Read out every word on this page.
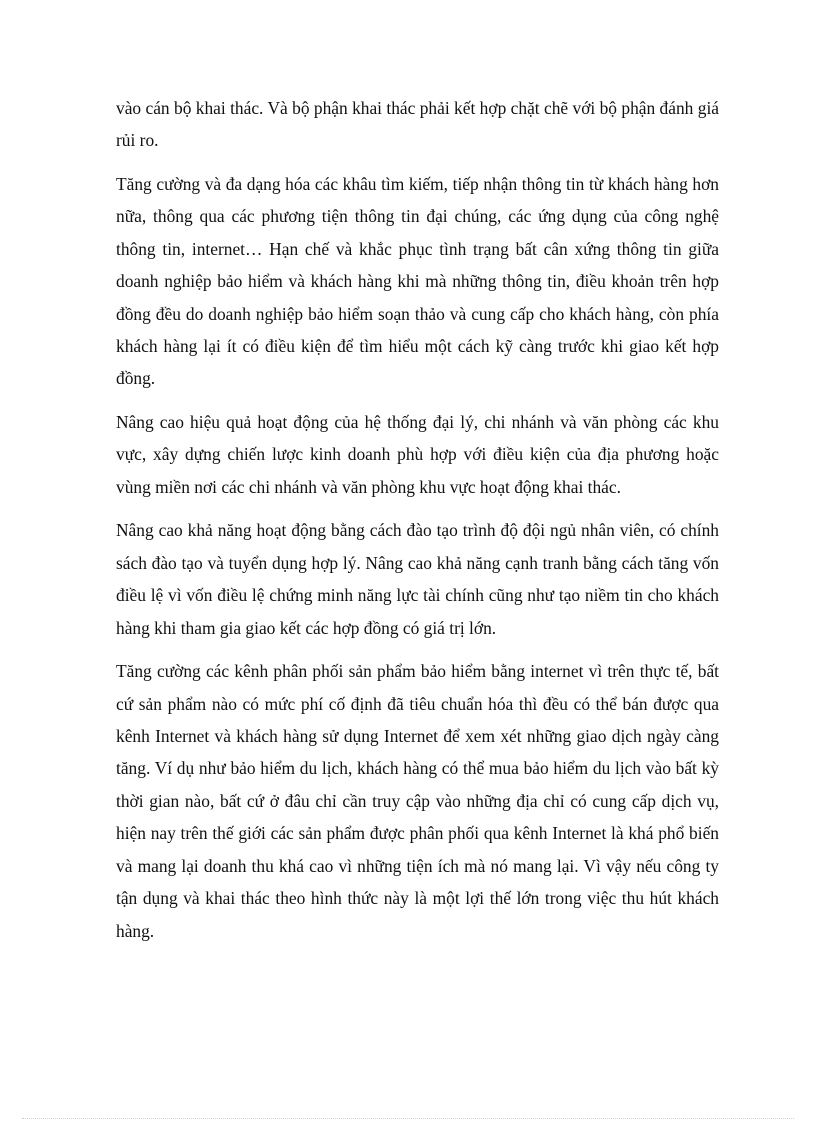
vào cán bộ khai thác. Và bộ phận khai thác phải kết hợp chặt chẽ với bộ phận đánh giá rủi ro.

Tăng cường và đa dạng hóa các khâu tìm kiếm, tiếp nhận thông tin từ khách hàng hơn nữa, thông qua các phương tiện thông tin đại chúng, các ứng dụng của công nghệ thông tin, internet… Hạn chế và khắc phục tình trạng bất cân xứng thông tin giữa doanh nghiệp bảo hiểm và khách hàng khi mà những thông tin, điều khoản trên hợp đồng đều do doanh nghiệp bảo hiểm soạn thảo và cung cấp cho khách hàng, còn phía khách hàng lại ít có điều kiện để tìm hiểu một cách kỹ càng trước khi giao kết hợp đồng.

Nâng cao hiệu quả hoạt động của hệ thống đại lý, chi nhánh và văn phòng các khu vực, xây dựng chiến lược kinh doanh phù hợp với điều kiện của địa phương hoặc vùng miền nơi các chi nhánh và văn phòng khu vực hoạt động khai thác.

Nâng cao khả năng hoạt động bằng cách đào tạo trình độ đội ngủ nhân viên, có chính sách đào tạo và tuyển dụng hợp lý. Nâng cao khả năng cạnh tranh bằng cách tăng vốn điều lệ vì vốn điều lệ chứng minh năng lực tài chính cũng như tạo niềm tin cho khách hàng khi tham gia giao kết các hợp đồng có giá trị lớn.

Tăng cường các kênh phân phối sản phẩm bảo hiểm bằng internet vì trên thực tế, bất cứ sản phẩm nào có mức phí cố định đã tiêu chuẩn hóa thì đều có thể bán được qua kênh Internet và khách hàng sử dụng Internet để xem xét những giao dịch ngày càng tăng. Ví dụ như bảo hiểm du lịch, khách hàng có thể mua bảo hiểm du lịch vào bất kỳ thời gian nào, bất cứ ở đâu chỉ cần truy cập vào những địa chỉ có cung cấp dịch vụ, hiện nay trên thế giới các sản phẩm được phân phối qua kênh Internet là khá phổ biến và mang lại doanh thu khá cao vì những tiện ích mà nó mang lại. Vì vậy nếu công ty tận dụng và khai thác theo hình thức này là một lợi thế lớn trong việc thu hút khách hàng.
